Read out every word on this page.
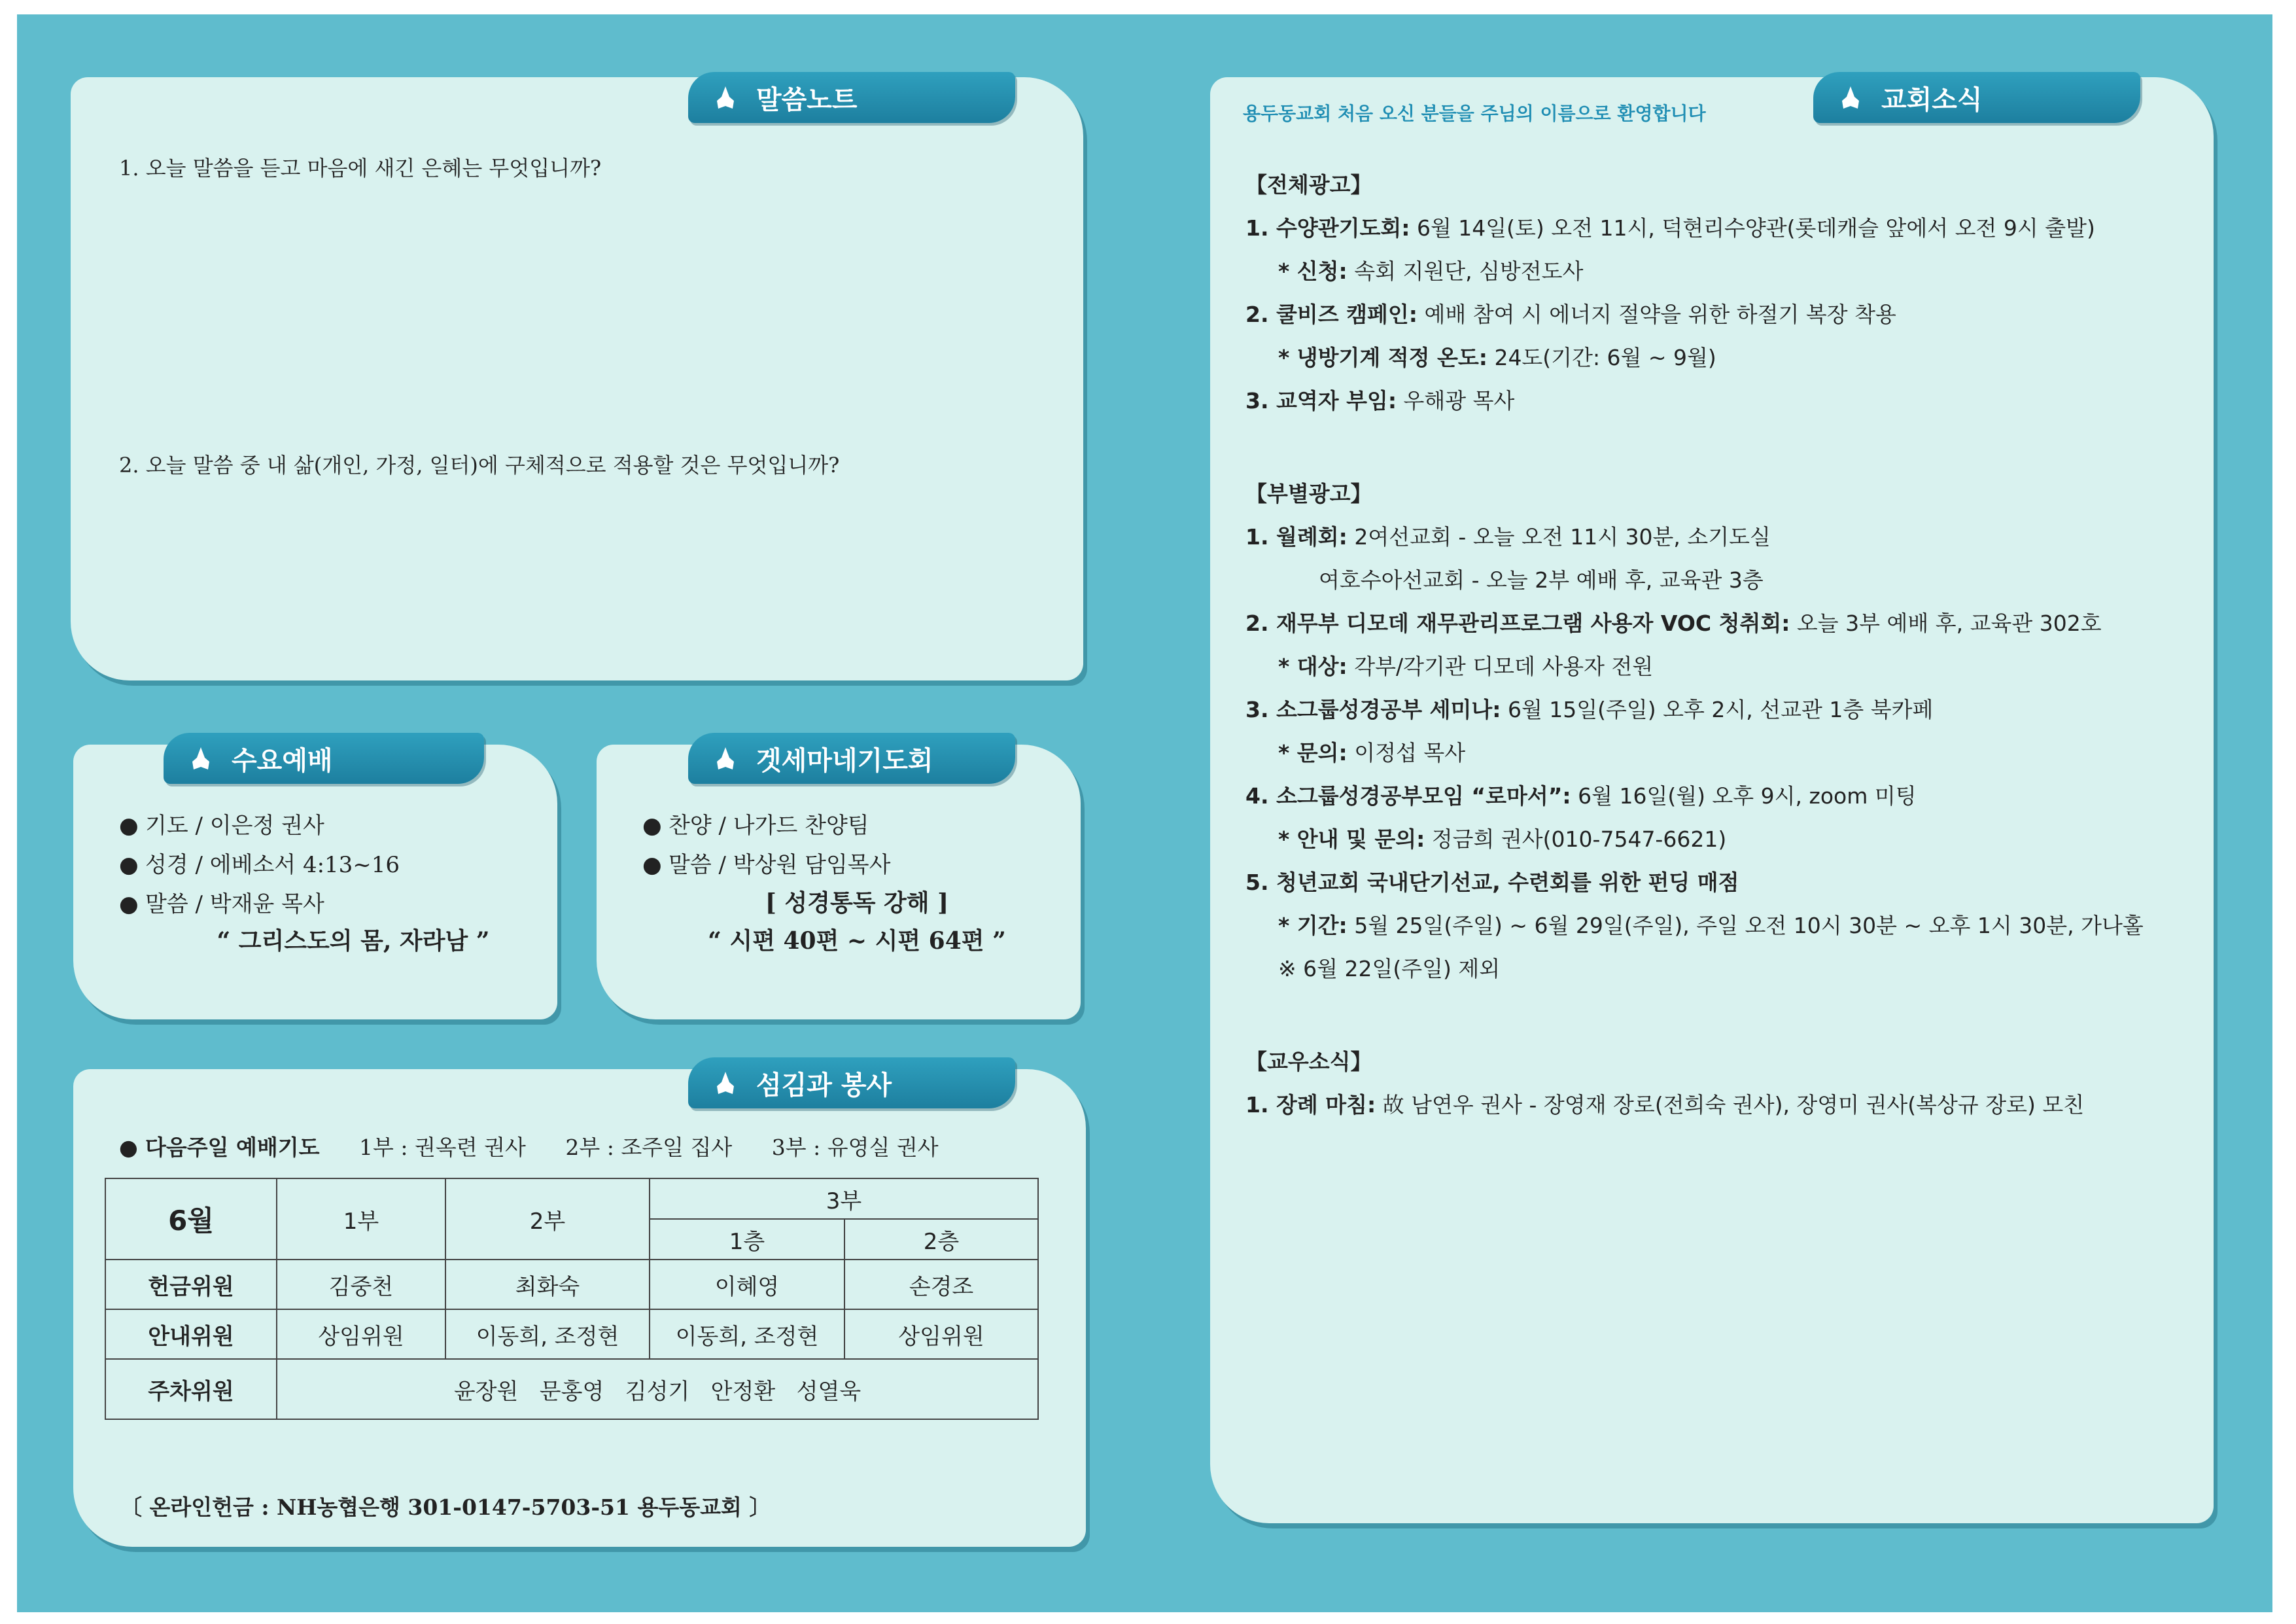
말씀노트
1. 오늘 말씀을 듣고 마음에 새긴 은혜는 무엇입니까?
2. 오늘 말씀 중 내 삶(개인, 가정, 일터)에 구체적으로 적용할 것은 무엇입니까?
수요예배
● 기도 / 이은정 권사
● 성경 / 에베소서 4:13~16
● 말씀 / 박재윤 목사
“ 그리스도의 몸, 자라남 ”
겟세마네기도회
● 찬양 / 나가드 찬양팀
● 말씀 / 박상원 담임목사
[ 성경통독 강해 ]
“ 시편 40편 ~ 시편 64편 ”
섬김과 봉사
● 다음주일 예배기도 1부 : 권옥련 권사 2부 : 조주일 집사 3부 : 유영실 권사
6월	1부	2부	3부	
			1층	2층
헌금위원	김중천	최화숙	이혜영	손경조
안내위원	상임위원	이동희, 조정현	이동희, 조정현	상임위원
주차위원	윤장원   문홍영   김성기   안정환   성열욱			
〔 온라인헌금 : NH농협은행 301-0147-5703-51 용두동교회 〕
교회소식
용두동교회 처음 오신 분들을 주님의 이름으로 환영합니다
【전체광고】
1. 수양관기도회: 6월 14일(토) 오전 11시, 덕현리수양관(롯데캐슬 앞에서 오전 9시 출발)
* 신청: 속회 지원단, 심방전도사
2. 쿨비즈 캠페인: 예배 참여 시 에너지 절약을 위한 하절기 복장 착용
* 냉방기계 적정 온도: 24도(기간: 6월 ~ 9월)
3. 교역자 부임: 우해광 목사
【부별광고】
1. 월례회: 2여선교회 - 오늘 오전 11시 30분, 소기도실
여호수아선교회 - 오늘 2부 예배 후, 교육관 3층
2. 재무부 디모데 재무관리프로그램 사용자 VOC 청취회: 오늘 3부 예배 후, 교육관 302호
* 대상: 각부/각기관 디모데 사용자 전원
3. 소그룹성경공부 세미나: 6월 15일(주일) 오후 2시, 선교관 1층 북카페
* 문의: 이정섭 목사
4. 소그룹성경공부모임 “로마서”: 6월 16일(월) 오후 9시, zoom 미팅
* 안내 및 문의: 정금희 권사(010-7547-6621)
5. 청년교회 국내단기선교, 수련회를 위한 펀딩 매점
* 기간: 5월 25일(주일) ~ 6월 29일(주일), 주일 오전 10시 30분 ~ 오후 1시 30분, 가나홀
※ 6월 22일(주일) 제외
【교우소식】
1. 장례 마침: 故 남연우 권사 - 장영재 장로(전희숙 권사), 장영미 권사(복상규 장로) 모친
